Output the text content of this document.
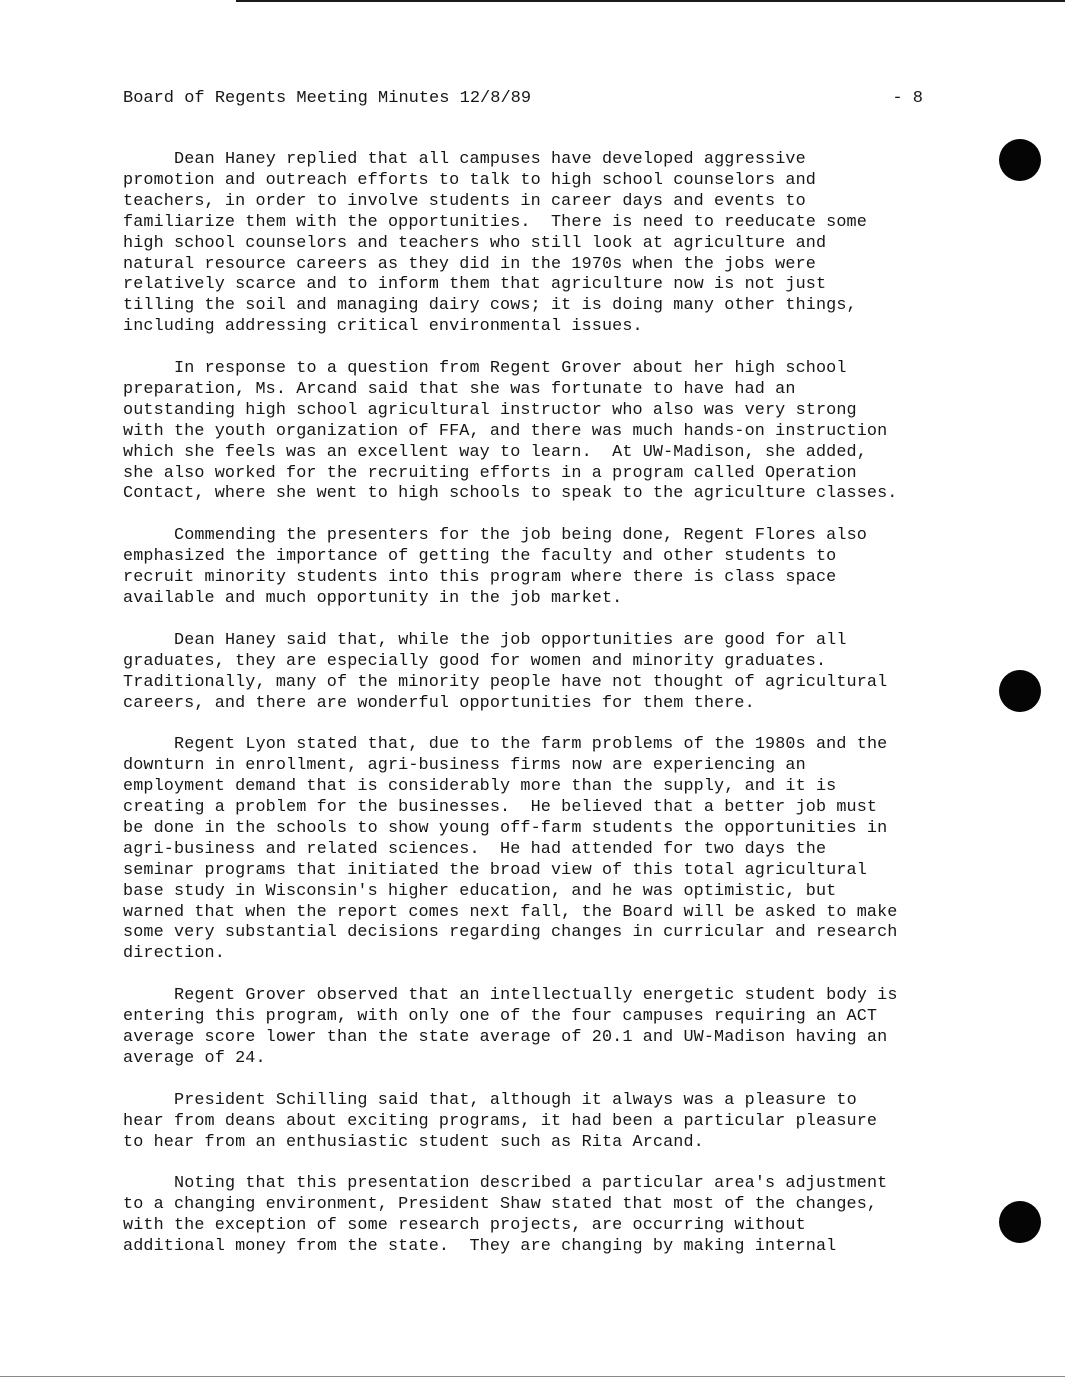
Board of Regents Meeting Minutes 12/8/89	- 8

Dean Haney replied that all campuses have developed aggressive
promotion and outreach efforts to talk to high school counselors and
teachers, in order to involve students in career days and events to
familiarize them with the opportunities.  There is need to reeducate some
high school counselors and teachers who still look at agriculture and
natural resource careers as they did in the 1970s when the jobs were
relatively scarce and to inform them that agriculture now is not just
tilling the soil and managing dairy cows; it is doing many other things,
including addressing critical environmental issues.

In response to a question from Regent Grover about her high school
preparation, Ms. Arcand said that she was fortunate to have had an
outstanding high school agricultural instructor who also was very strong
with the youth organization of FFA, and there was much hands-on instruction
which she feels was an excellent way to learn.  At UW-Madison, she added,
she also worked for the recruiting efforts in a program called Operation
Contact, where she went to high schools to speak to the agriculture classes.

Commending the presenters for the job being done, Regent Flores also
emphasized the importance of getting the faculty and other students to
recruit minority students into this program where there is class space
available and much opportunity in the job market.

Dean Haney said that, while the job opportunities are good for all
graduates, they are especially good for women and minority graduates.
Traditionally, many of the minority people have not thought of agricultural
careers, and there are wonderful opportunities for them there.

Regent Lyon stated that, due to the farm problems of the 1980s and the
downturn in enrollment, agri-business firms now are experiencing an
employment demand that is considerably more than the supply, and it is
creating a problem for the businesses.  He believed that a better job must
be done in the schools to show young off-farm students the opportunities in
agri-business and related sciences.  He had attended for two days the
seminar programs that initiated the broad view of this total agricultural
base study in Wisconsin's higher education, and he was optimistic, but
warned that when the report comes next fall, the Board will be asked to make
some very substantial decisions regarding changes in curricular and research
direction.

Regent Grover observed that an intellectually energetic student body is
entering this program, with only one of the four campuses requiring an ACT
average score lower than the state average of 20.1 and UW-Madison having an
average of 24.

President Schilling said that, although it always was a pleasure to
hear from deans about exciting programs, it had been a particular pleasure
to hear from an enthusiastic student such as Rita Arcand.

Noting that this presentation described a particular area's adjustment
to a changing environment, President Shaw stated that most of the changes,
with the exception of some research projects, are occurring without
additional money from the state.  They are changing by making internal
